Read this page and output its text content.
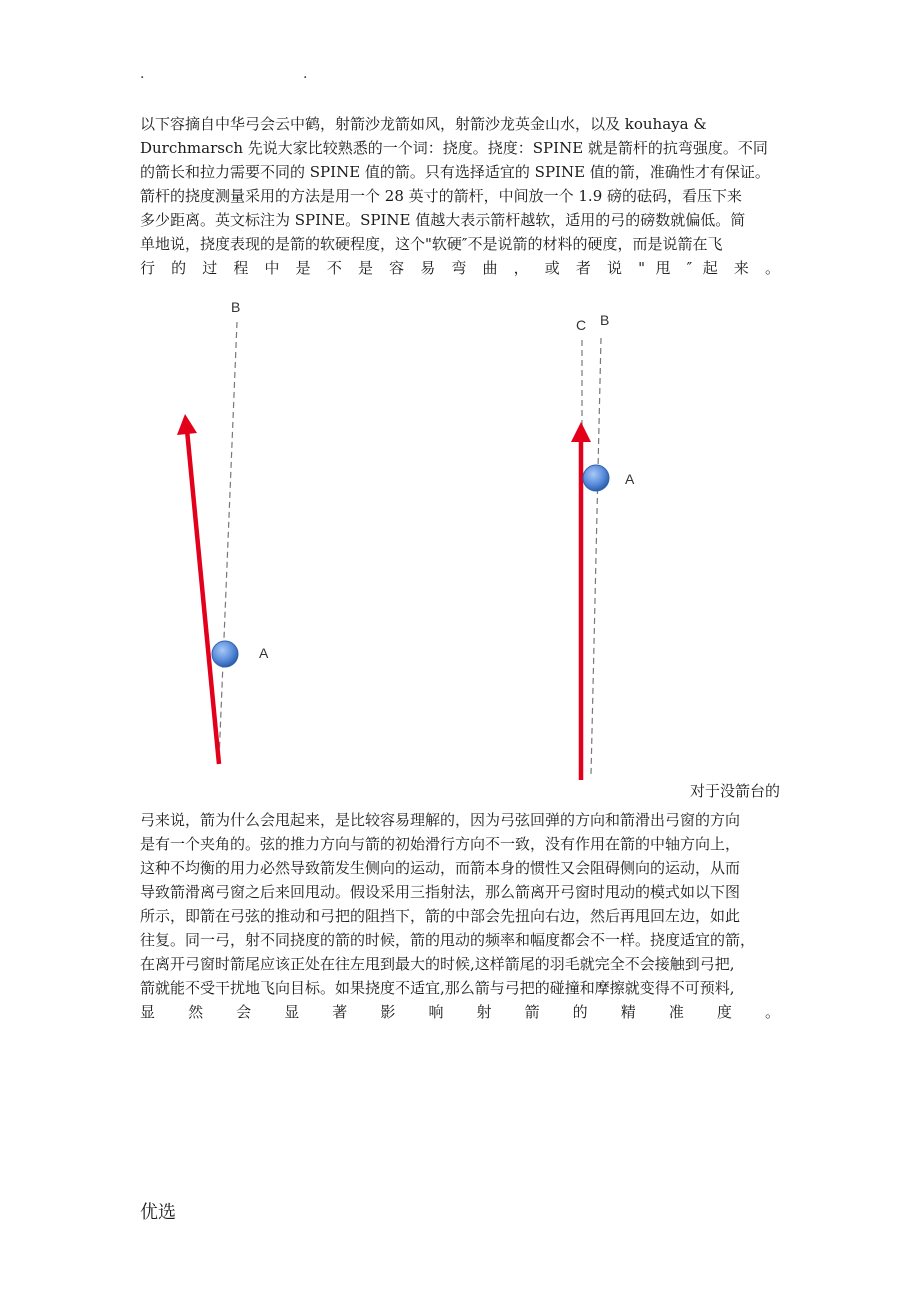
.	.
以下容摘自中华弓会云中鹤，射箭沙龙箭如风，射箭沙龙英金山水，以及 kouhaya &
Durchmarsch 先说大家比较熟悉的一个词：挠度。挠度：SPINE 就是箭杆的抗弯强度。不同
的箭长和拉力需要不同的 SPINE 值的箭。只有选择适宜的 SPINE 值的箭，准确性才有保证。
箭杆的挠度测量采用的方法是用一个 28 英寸的箭杆，中间放一个 1.9 磅的砝码，看压下来
多少距离。英文标注为 SPINE。SPINE 值越大表示箭杆越软，适用的弓的磅数就偏低。简
单地说，挠度表现的是箭的软硬程度，这个"软硬″不是说箭的材料的硬度，而是说箭在飞
行 的 过 程 中 是 不 是 容 易 弯 曲 ， 或 者 说 " 甩 ″ 起 来 。
B
A
C B
A
对于没箭台的
弓来说，箭为什么会甩起来，是比较容易理解的，因为弓弦回弹的方向和箭滑出弓窗的方向
是有一个夹角的。弦的推力方向与箭的初始滑行方向不一致，没有作用在箭的中轴方向上，
这种不均衡的用力必然导致箭发生侧向的运动，而箭本身的惯性又会阻碍侧向的运动，从而
导致箭滑离弓窗之后来回甩动。假设采用三指射法，那么箭离开弓窗时甩动的模式如以下图
所示，即箭在弓弦的推动和弓把的阻挡下，箭的中部会先扭向右边，然后再甩回左边，如此
往复。同一弓，射不同挠度的箭的时候，箭的甩动的频率和幅度都会不一样。挠度适宜的箭，
在离开弓窗时箭尾应该正处在往左甩到最大的时候,这样箭尾的羽毛就完全不会接触到弓把,
箭就能不受干扰地飞向目标。如果挠度不适宜,那么箭与弓把的碰撞和摩擦就变得不可预料,
显 然 会 显 著 影 响 射 箭 的 精 准 度 。
优选
